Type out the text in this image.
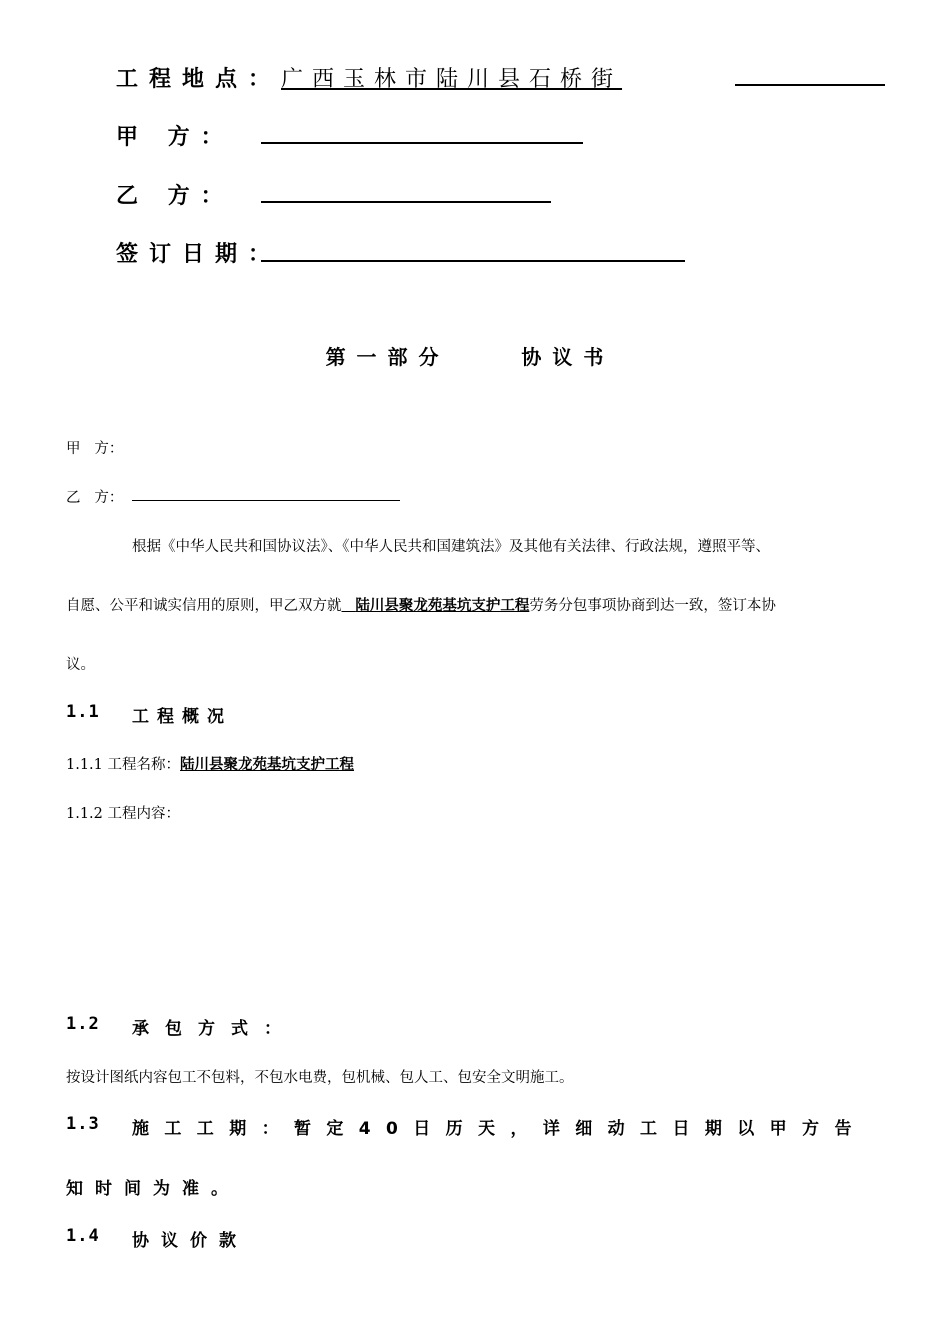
工程地点：广西玉林市陆川县石桥街
甲 方：
乙 方：
签订日期：
第一部分    协议书
甲   方：
乙   方：
根据《中华人民共和国协议法》、《中华人民共和国建筑法》及其他有关法律、行政法规，遵照平等、
自愿、公平和诚实信用的原则，甲乙双方就 陆川县聚龙苑基坑支护工程劳务分包事项协商到达一致，签订本协
议。
1.1 工程概况
1.1.1 工程名称：陆川县聚龙苑基坑支护工程
1.1.2 工程内容：
1.2 承包方式：
按设计图纸内容包工不包料，不包水电费，包机械、包人工、包安全文明施工。
1.3 施工工期：暂定40日历天，详细动工日期以甲方告
知时间为准。
1.4 协议价款
